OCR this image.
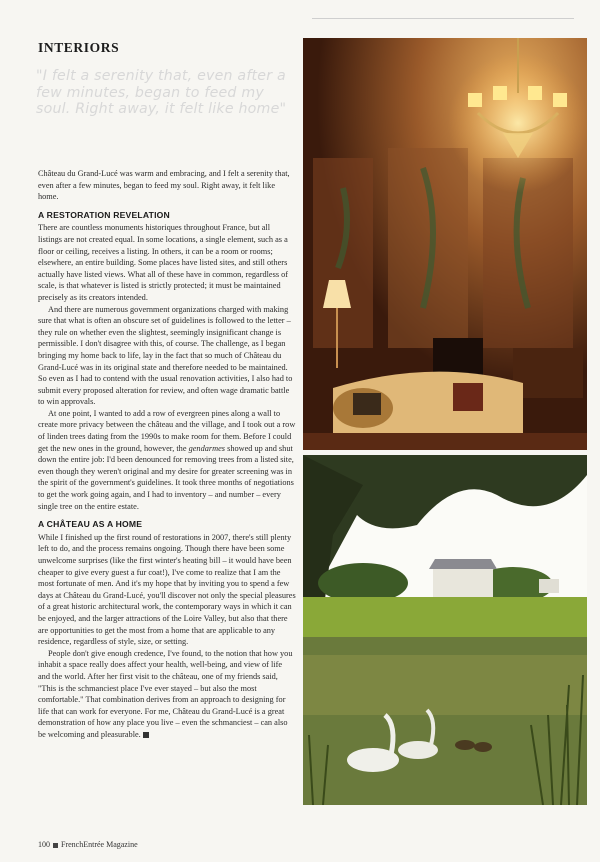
INTERIORS
"I felt a serenity that, even after a few minutes, began to feed my soul. Right away, it felt like home"

Château du Grand-Lucé was warm and embracing, and I felt a serenity that, even after a few minutes, began to feed my soul. Right away, it felt like home.

A RESTORATION REVELATION

There are countless monuments historiques throughout France, but all listings are not created equal. In some locations, a single element, such as a floor or ceiling, receives a listing. In others, it can be a room or rooms; elsewhere, an entire building. Some places have listed sites, and still others actually have listed views. What all of these have in common, regardless of scale, is that whatever is listed is strictly protected; it must be maintained precisely as its creators intended.

And there are numerous government organizations charged with making sure that what is often an obscure set of guidelines is followed to the letter – they rule on whether even the slightest, seemingly insignificant change is permissible. I don't disagree with this, of course. The challenge, as I began bringing my home back to life, lay in the fact that so much of Château du Grand-Lucé was in its original state and therefore needed to be maintained. So even as I had to contend with the usual renovation activities, I also had to submit every proposed alteration for review, and often wage dramatic battle to win approvals.

At one point, I wanted to add a row of evergreen pines along a wall to create more privacy between the château and the village, and I took out a row of linden trees dating from the 1990s to make room for them. Before I could get the new ones in the ground, however, the gendarmes showed up and shut down the entire job: I'd been denounced for removing trees from a listed site, even though they weren't original and my desire for greater screening was in the spirit of the government's guidelines. It took three months of negotiations to get the work going again, and I had to inventory – and number – every single tree on the entire estate.

A CHÂTEAU AS A HOME

While I finished up the first round of restorations in 2007, there's still plenty left to do, and the process remains ongoing. Though there have been some unwelcome surprises (like the first winter's heating bill – it would have been cheaper to give every guest a fur coat!), I've come to realize that I am the most fortunate of men. And it's my hope that by inviting you to spend a few days at Château du Grand-Lucé, you'll discover not only the special pleasures of a great historic architectural work, the contemporary ways in which it can be enjoyed, and the larger attractions of the Loire Valley, but also that there are opportunities to get the most from a home that are applicable to any residence, regardless of style, size, or setting.

People don't give enough credence, I've found, to the notion that how you inhabit a space really does affect your health, well-being, and view of life and the world. After her first visit to the château, one of my friends said, "This is the schmanciest place I've ever stayed – but also the most comfortable." That combination derives from an approach to designing for life that can work for everyone. For me, Château du Grand-Lucé is a great demonstration of how any place you live – even the schmanciest – can also be welcoming and pleasurable.

100 FrenchEntrée Magazine
